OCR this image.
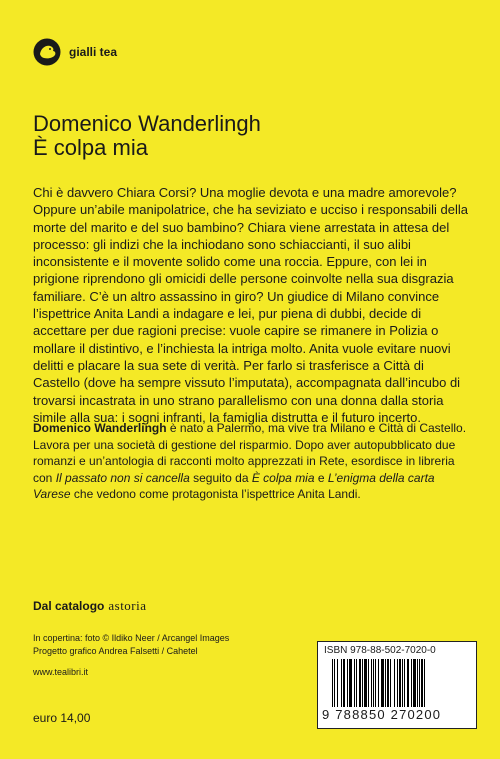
gialli tea
Domenico Wanderlingh
È colpa mia

Chi è davvero Chiara Corsi? Una moglie devota e una madre amorevole? Oppure un’abile manipolatrice, che ha seviziato e ucciso i responsabili della morte del marito e del suo bambino? Chiara viene arrestata in attesa del processo: gli indizi che la inchiodano sono schiaccianti, il suo alibi inconsistente e il movente solido come una roccia. Eppure, con lei in prigione riprendono gli omicidi delle persone coinvolte nella sua disgrazia familiare. C’è un altro assassino in giro? Un giudice di Milano convince l’ispettrice Anita Landi a indagare e lei, pur piena di dubbi, decide di accettare per due ragioni precise: vuole capire se rimanere in Polizia o mollare il distintivo, e l’inchiesta la intriga molto. Anita vuole evitare nuovi delitti e placare la sua sete di verità. Per farlo si trasferisce a Città di Castello (dove ha sempre vissuto l’imputata), accompagnata dall’incubo di trovarsi incastrata in uno strano parallelismo con una donna dalla storia simile alla sua: i sogni infranti, la famiglia distrutta e il futuro incerto.

Domenico Wanderlingh è nato a Palermo, ma vive tra Milano e Città di Castello. Lavora per una società di gestione del risparmio. Dopo aver autopubblicato due romanzi e un’antologia di racconti molto apprezzati in Rete, esordisce in libreria con Il passato non si cancella seguito da È colpa mia e L’enigma della carta Varese che vedono come protagonista l’ispettrice Anita Landi.

Dal catalogo astoria
In copertina: foto © Ildiko Neer / Arcangel Images
Progetto grafico Andrea Falsetti / Cahetel
www.tealibri.it
euro 14,00
ISBN 978-88-502-7020-0
9 788850 270200
